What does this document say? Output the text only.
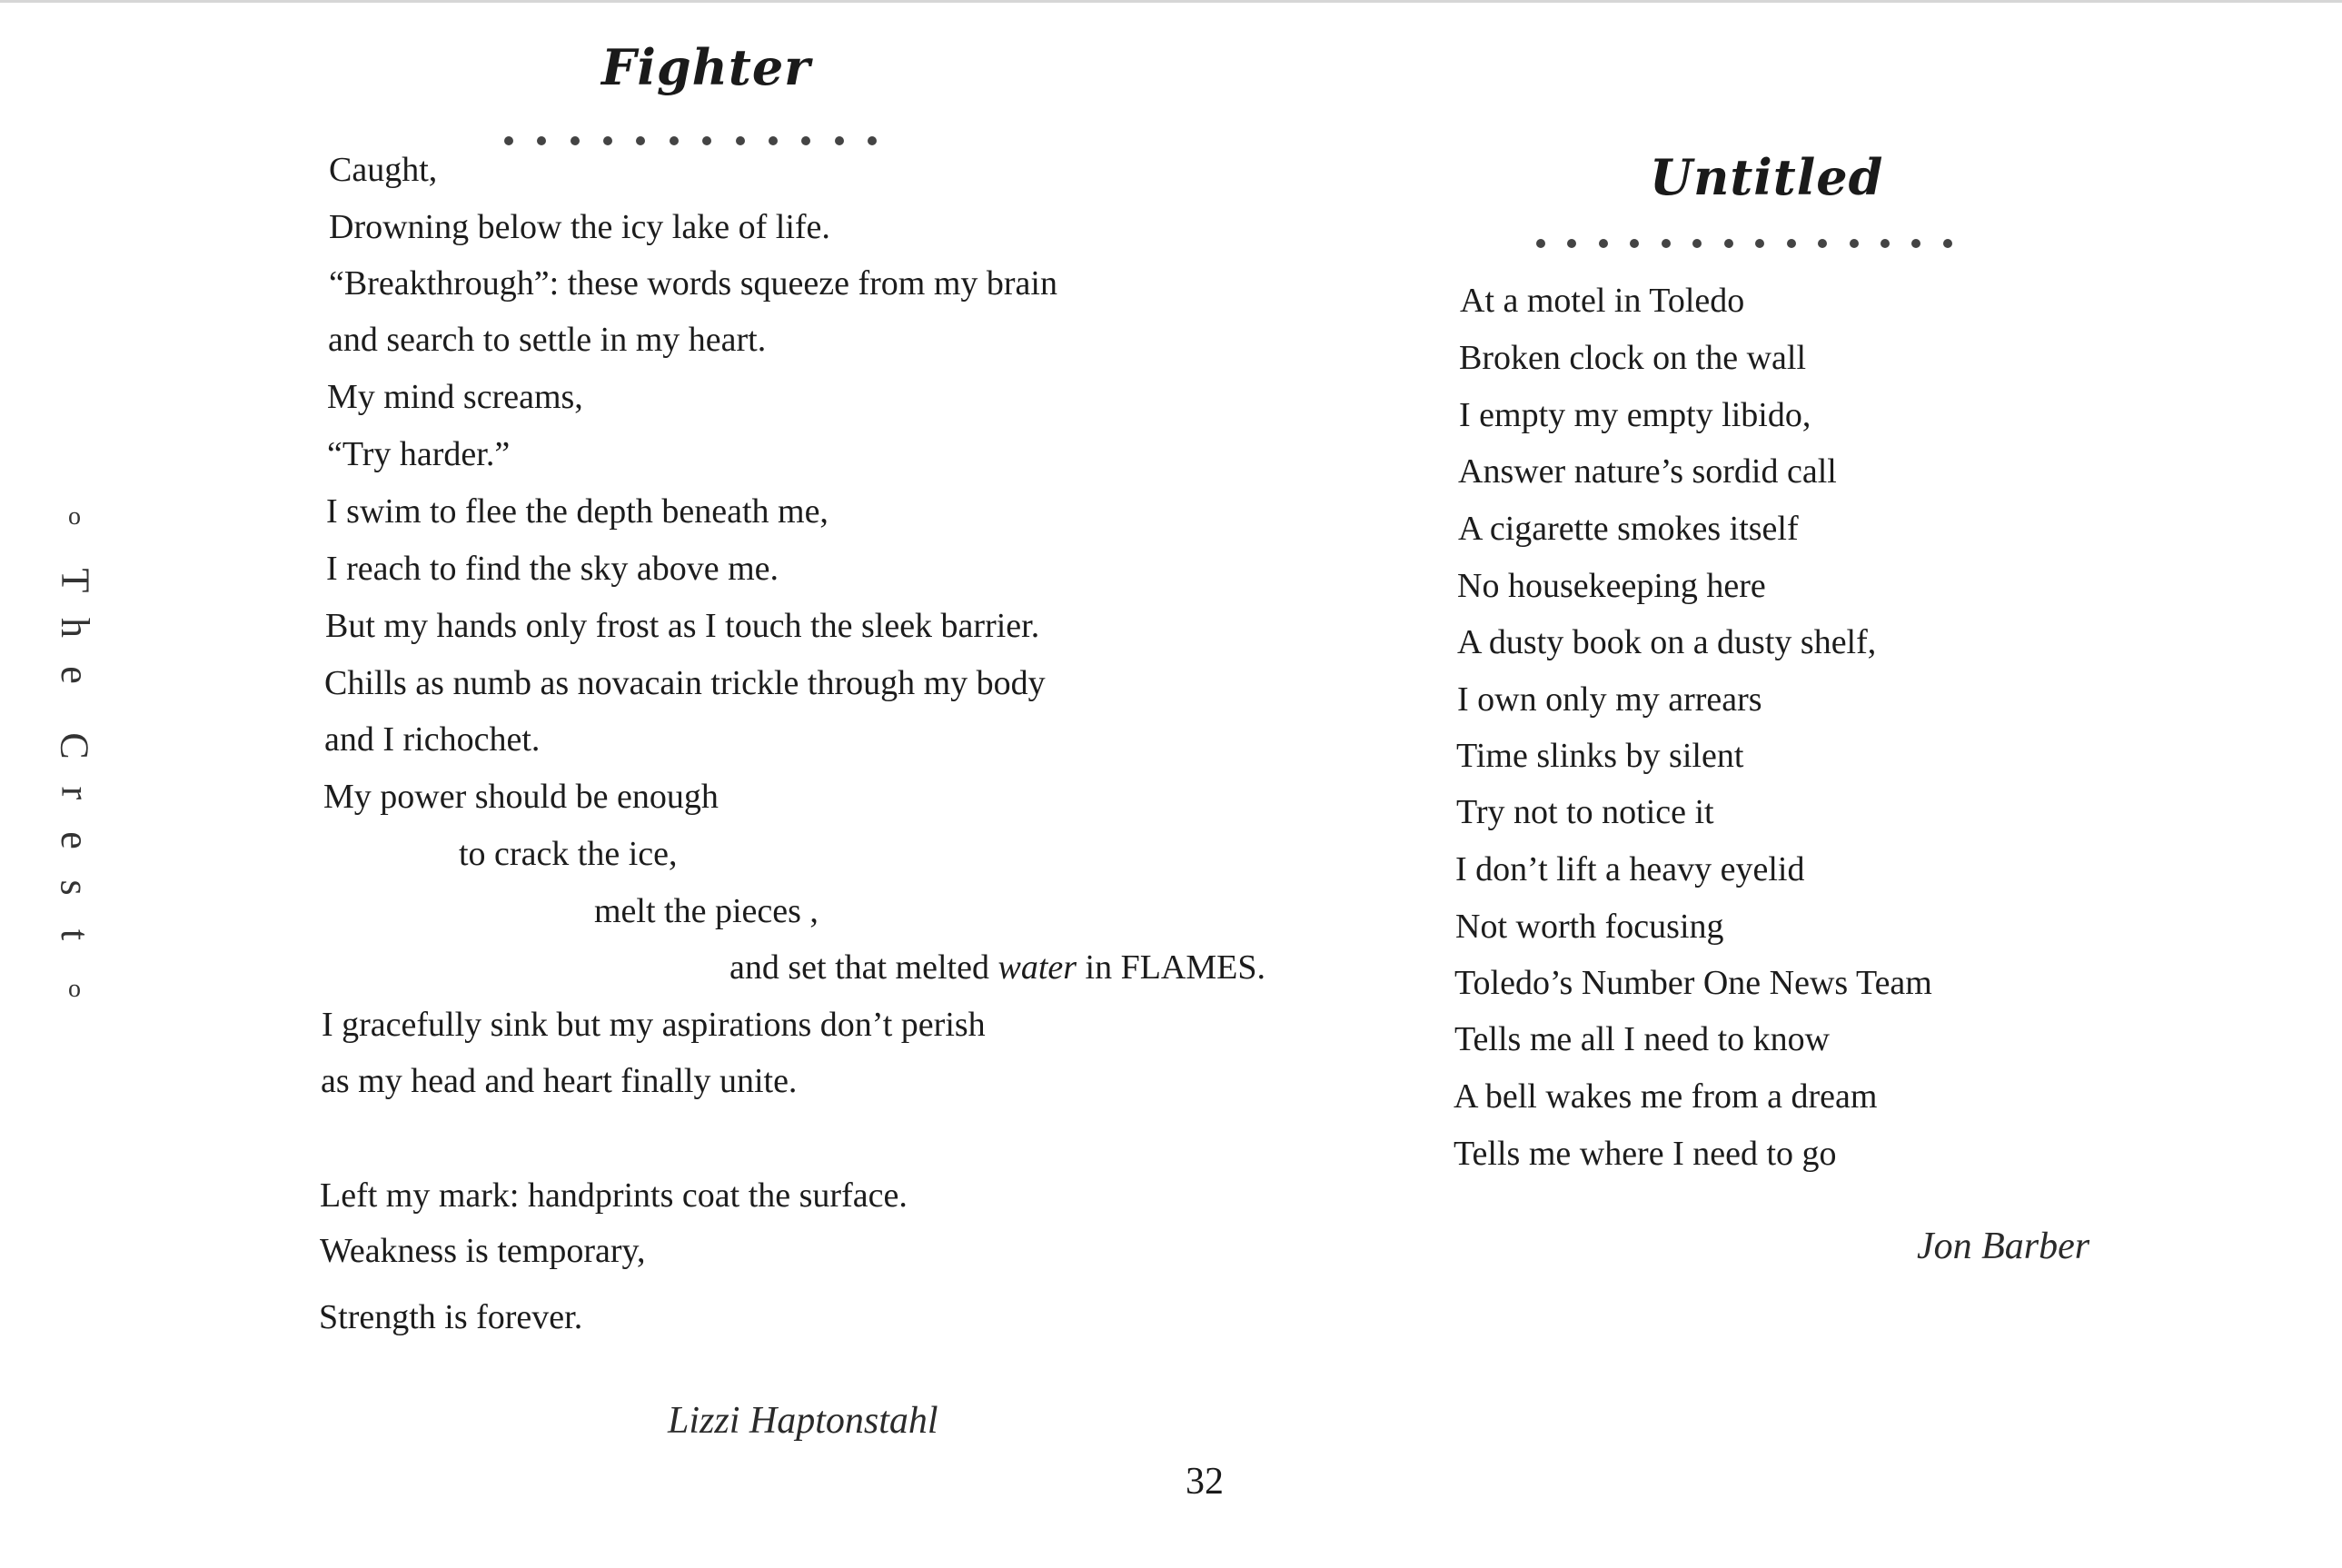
o
T
h
e
C
r
e
s
t
o
Fighter
Caught,
Drowning below the icy lake of life.
“Breakthrough”: these words squeeze from my brain
and search to settle in my heart.
My mind screams,
“Try harder.”
I swim to flee the depth beneath me,
I reach to find the sky above me.
But my hands only frost as I touch the sleek barrier.
Chills as numb as novacain trickle through my body
and I richochet.
My power should be enough
to crack the ice,
melt the pieces ,
and set that melted water in FLAMES.
I gracefully sink but my aspirations don’t perish
as my head and heart finally unite.
Left my mark: handprints coat the surface.
Weakness is temporary,
Strength is forever.

Lizzi Haptonstahl

Untitled
At a motel in Toledo
Broken clock on the wall
I empty my empty libido,
Answer nature’s sordid call
A cigarette smokes itself
No housekeeping here
A dusty book on a dusty shelf,
I own only my arrears
Time slinks by silent
Try not to notice it
I don’t lift a heavy eyelid
Not worth focusing
Toledo’s Number One News Team
Tells me all I need to know
A bell wakes me from a dream
Tells me where I need to go

Jon Barber

32
